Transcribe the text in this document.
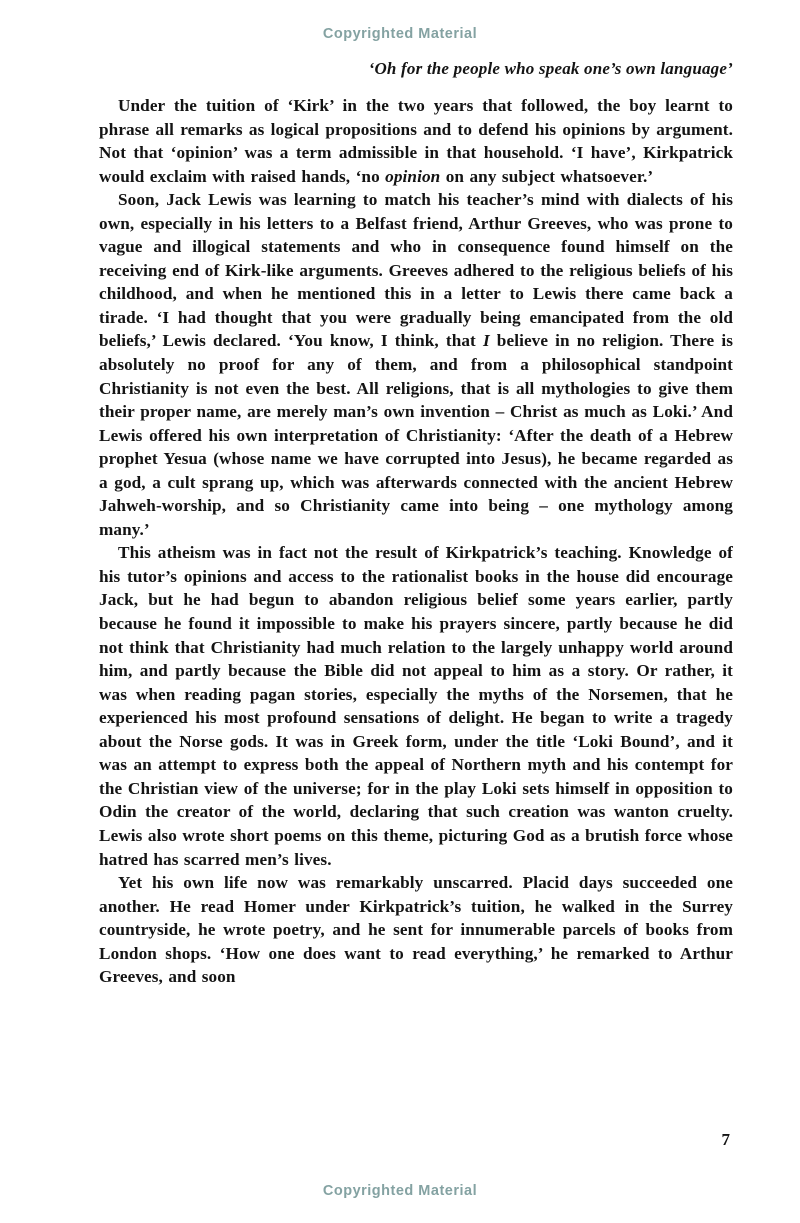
Copyrighted Material

‘Oh for the people who speak one’s own language’

Under the tuition of ‘Kirk’ in the two years that followed, the boy learnt to phrase all remarks as logical propositions and to defend his opinions by argument. Not that ‘opinion’ was a term admissible in that household. ‘I have’, Kirkpatrick would exclaim with raised hands, ‘no opinion on any subject whatsoever.’

Soon, Jack Lewis was learning to match his teacher’s mind with dialects of his own, especially in his letters to a Belfast friend, Arthur Greeves, who was prone to vague and illogical statements and who in consequence found himself on the receiving end of Kirk-like arguments. Greeves adhered to the religious beliefs of his childhood, and when he mentioned this in a letter to Lewis there came back a tirade. ‘I had thought that you were gradually being emancipated from the old beliefs,’ Lewis declared. ‘You know, I think, that I believe in no religion. There is absolutely no proof for any of them, and from a philosophical standpoint Christianity is not even the best. All religions, that is all mythologies to give them their proper name, are merely man’s own invention – Christ as much as Loki.’ And Lewis offered his own interpretation of Christianity: ‘After the death of a Hebrew prophet Yesua (whose name we have corrupted into Jesus), he became regarded as a god, a cult sprang up, which was afterwards connected with the ancient Hebrew Jahweh-worship, and so Christianity came into being – one mythology among many.’

This atheism was in fact not the result of Kirkpatrick’s teaching. Knowledge of his tutor’s opinions and access to the rationalist books in the house did encourage Jack, but he had begun to abandon religious belief some years earlier, partly because he found it impossible to make his prayers sincere, partly because he did not think that Christianity had much relation to the largely unhappy world around him, and partly because the Bible did not appeal to him as a story. Or rather, it was when reading pagan stories, especially the myths of the Norsemen, that he experienced his most profound sensations of delight. He began to write a tragedy about the Norse gods. It was in Greek form, under the title ‘Loki Bound’, and it was an attempt to express both the appeal of Northern myth and his contempt for the Christian view of the universe; for in the play Loki sets himself in opposition to Odin the creator of the world, declaring that such creation was wanton cruelty. Lewis also wrote short poems on this theme, picturing God as a brutish force whose hatred has scarred men’s lives.

Yet his own life now was remarkably unscarred. Placid days succeeded one another. He read Homer under Kirkpatrick’s tuition, he walked in the Surrey countryside, he wrote poetry, and he sent for innumerable parcels of books from London shops. ‘How one does want to read everything,’ he remarked to Arthur Greeves, and soon

7
Copyrighted Material
